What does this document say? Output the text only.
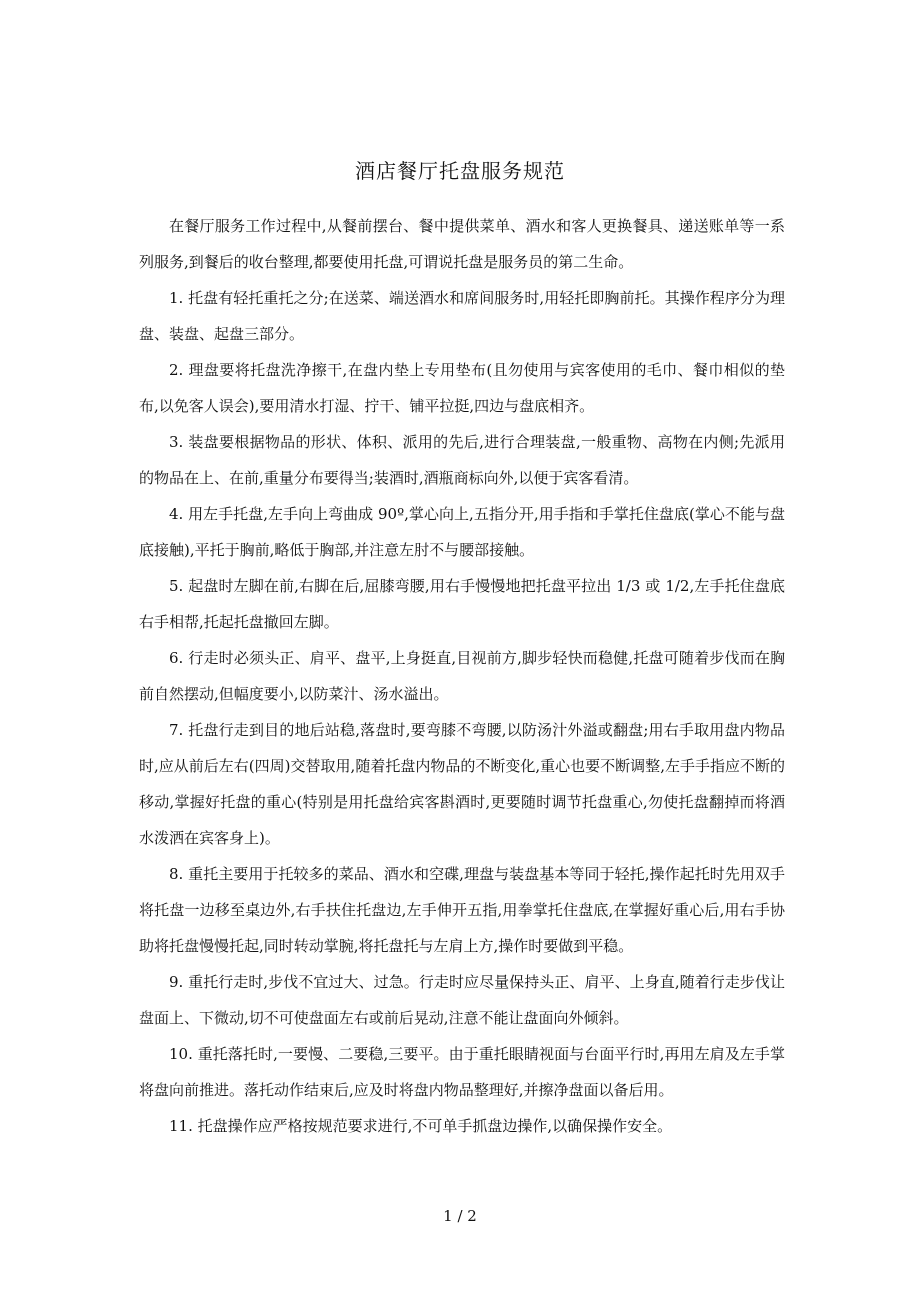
酒店餐厅托盘服务规范

在餐厅服务工作过程中,从餐前摆台、餐中提供菜单、酒水和客人更换餐具、递送账单等一系列服务,到餐后的收台整理,都要使用托盘,可谓说托盘是服务员的第二生命。

1. 托盘有轻托重托之分;在送菜、端送酒水和席间服务时,用轻托即胸前托。其操作程序分为理盘、装盘、起盘三部分。

2. 理盘要将托盘洗净擦干,在盘内垫上专用垫布(且勿使用与宾客使用的毛巾、餐巾相似的垫布,以免客人误会),要用清水打湿、拧干、铺平拉挺,四边与盘底相齐。

3. 装盘要根据物品的形状、体积、派用的先后,进行合理装盘,一般重物、高物在内侧;先派用的物品在上、在前,重量分布要得当;装酒时,酒瓶商标向外,以便于宾客看清。

4. 用左手托盘,左手向上弯曲成 90º,掌心向上,五指分开,用手指和手掌托住盘底(掌心不能与盘底接触),平托于胸前,略低于胸部,并注意左肘不与腰部接触。

5. 起盘时左脚在前,右脚在后,屈膝弯腰,用右手慢慢地把托盘平拉出 1/3 或 1/2,左手托住盘底右手相帮,托起托盘撤回左脚。

6. 行走时必须头正、肩平、盘平,上身挺直,目视前方,脚步轻快而稳健,托盘可随着步伐而在胸前自然摆动,但幅度要小,以防菜汁、汤水溢出。

7. 托盘行走到目的地后站稳,落盘时,要弯膝不弯腰,以防汤汁外溢或翻盘;用右手取用盘内物品时,应从前后左右(四周)交替取用,随着托盘内物品的不断变化,重心也要不断调整,左手手指应不断的移动,掌握好托盘的重心(特别是用托盘给宾客斟酒时,更要随时调节托盘重心,勿使托盘翻掉而将酒水泼洒在宾客身上)。

8. 重托主要用于托较多的菜品、酒水和空碟,理盘与装盘基本等同于轻托,操作起托时先用双手将托盘一边移至桌边外,右手扶住托盘边,左手伸开五指,用拳掌托住盘底,在掌握好重心后,用右手协助将托盘慢慢托起,同时转动掌腕,将托盘托与左肩上方,操作时要做到平稳。

9. 重托行走时,步伐不宜过大、过急。行走时应尽量保持头正、肩平、上身直,随着行走步伐让盘面上、下微动,切不可使盘面左右或前后晃动,注意不能让盘面向外倾斜。

10. 重托落托时,一要慢、二要稳,三要平。由于重托眼睛视面与台面平行时,再用左肩及左手掌将盘向前推进。落托动作结束后,应及时将盘内物品整理好,并擦净盘面以备后用。

11. 托盘操作应严格按规范要求进行,不可单手抓盘边操作,以确保操作安全。

1 / 2
